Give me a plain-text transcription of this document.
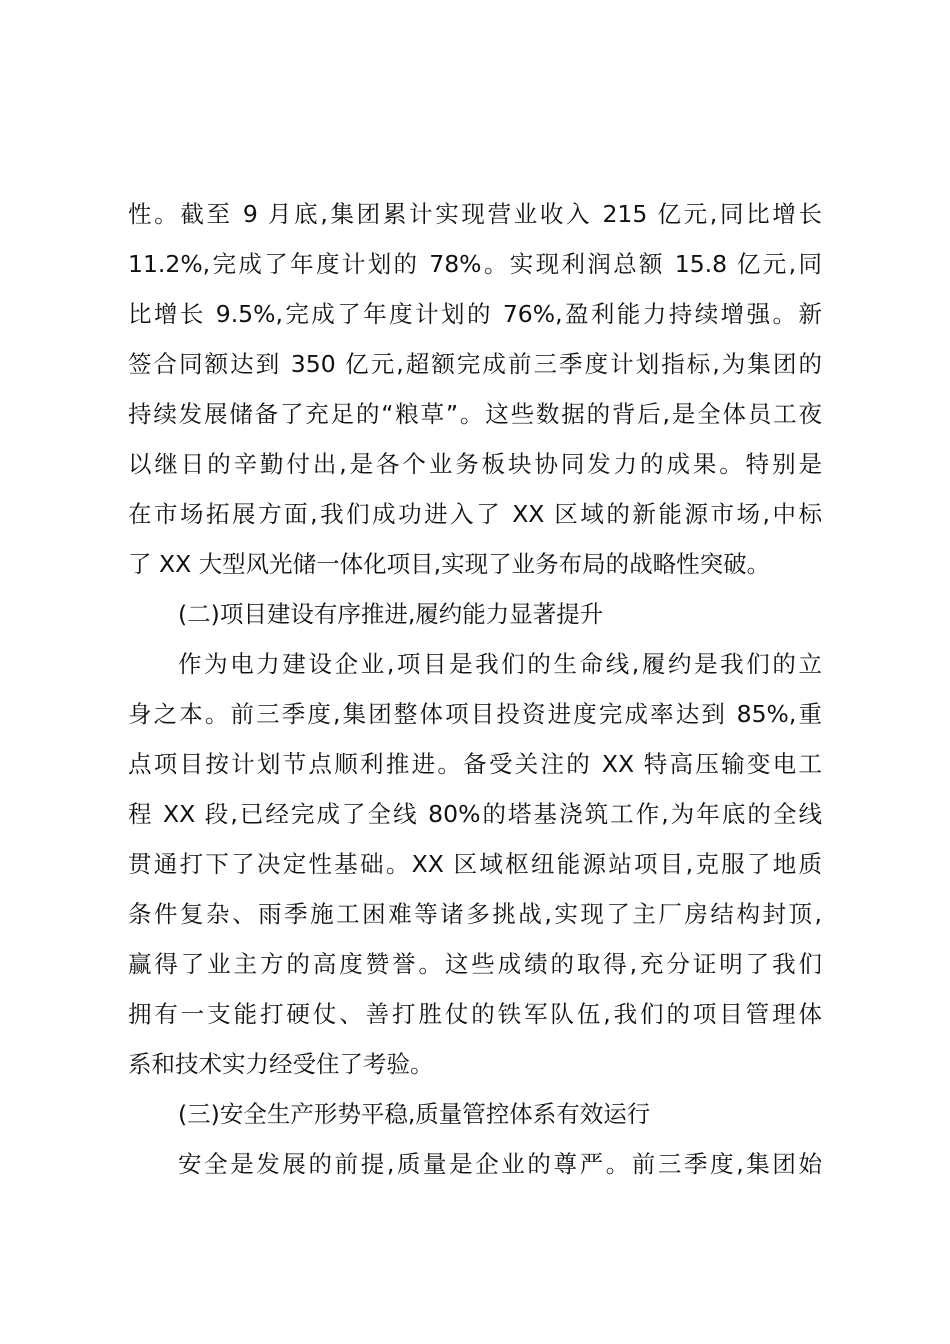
性。截至 9 月底,集团累计实现营业收入 215 亿元,同比增长
11.2%,完成了年度计划的 78%。实现利润总额 15.8 亿元,同
比增长 9.5%,完成了年度计划的 76%,盈利能力持续增强。新
签合同额达到 350 亿元,超额完成前三季度计划指标,为集团的
持续发展储备了充足的“粮草”。这些数据的背后,是全体员工夜
以继日的辛勤付出,是各个业务板块协同发力的成果。特别是
在市场拓展方面,我们成功进入了 XX 区域的新能源市场,中标
了 XX 大型风光储一体化项目,实现了业务布局的战略性突破。
(二)项目建设有序推进,履约能力显著提升
作为电力建设企业,项目是我们的生命线,履约是我们的立
身之本。前三季度,集团整体项目投资进度完成率达到 85%,重
点项目按计划节点顺利推进。备受关注的 XX 特高压输变电工
程 XX 段,已经完成了全线 80%的塔基浇筑工作,为年底的全线
贯通打下了决定性基础。XX 区域枢纽能源站项目,克服了地质
条件复杂、雨季施工困难等诸多挑战,实现了主厂房结构封顶,
赢得了业主方的高度赞誉。这些成绩的取得,充分证明了我们
拥有一支能打硬仗、善打胜仗的铁军队伍,我们的项目管理体
系和技术实力经受住了考验。
(三)安全生产形势平稳,质量管控体系有效运行
安全是发展的前提,质量是企业的尊严。前三季度,集团始
